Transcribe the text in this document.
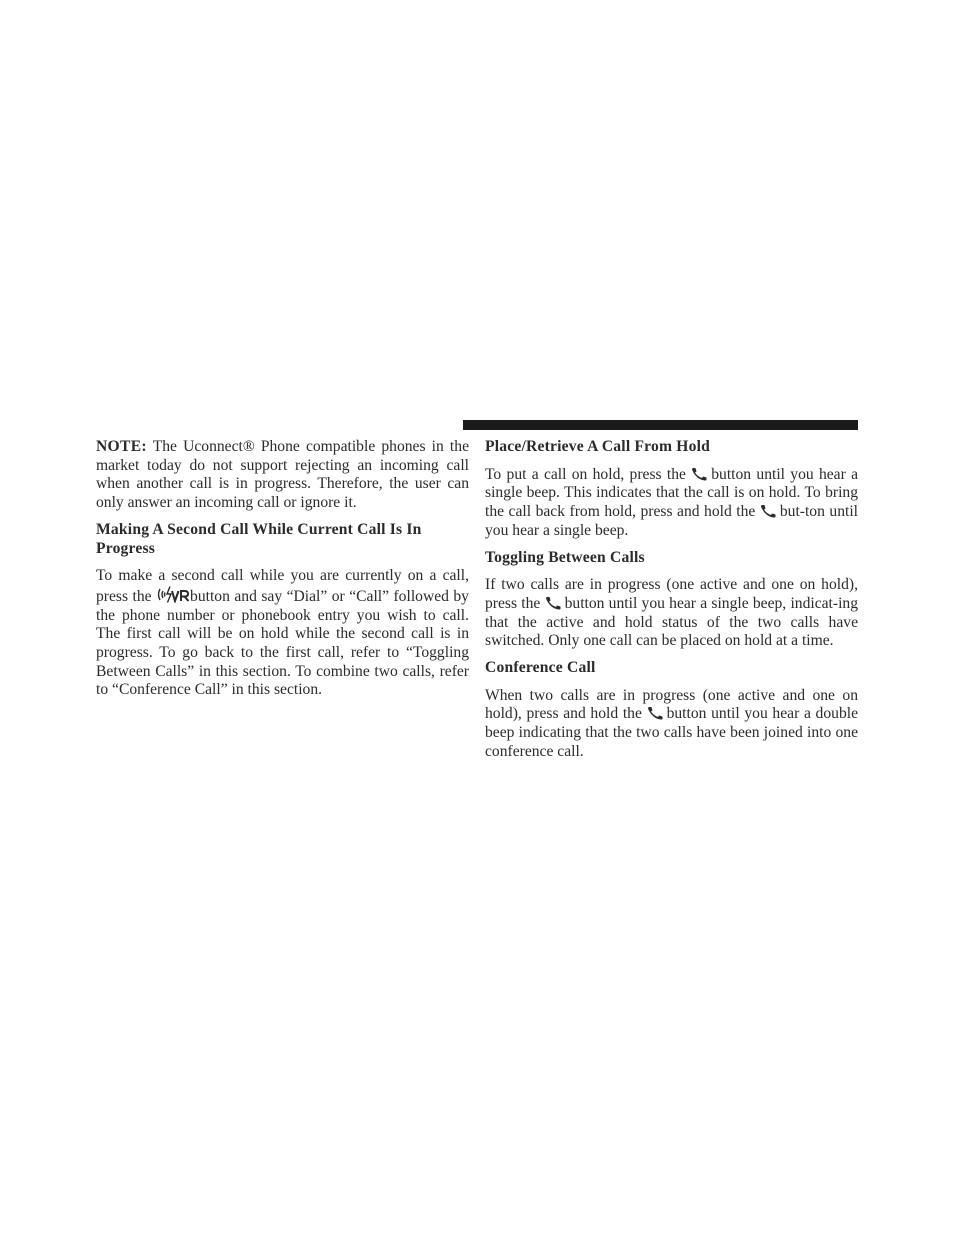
NOTE: The Uconnect® Phone compatible phones in the market today do not support rejecting an incoming call when another call is in progress. Therefore, the user can only answer an incoming call or ignore it.

Making A Second Call While Current Call Is In Progress

To make a second call while you are currently on a call, press the button and say “Dial” or “Call” followed by the phone number or phonebook entry you wish to call. The first call will be on hold while the second call is in progress. To go back to the first call, refer to “Toggling Between Calls” in this section. To combine two calls, refer to “Conference Call” in this section.

Place/Retrieve A Call From Hold

To put a call on hold, press the button until you hear a single beep. This indicates that the call is on hold. To bring the call back from hold, press and hold the but-ton until you hear a single beep.

Toggling Between Calls

If two calls are in progress (one active and one on hold), press the button until you hear a single beep, indicat-ing that the active and hold status of the two calls have switched. Only one call can be placed on hold at a time.

Conference Call

When two calls are in progress (one active and one on hold), press and hold the button until you hear a double beep indicating that the two calls have been joined into one conference call.
